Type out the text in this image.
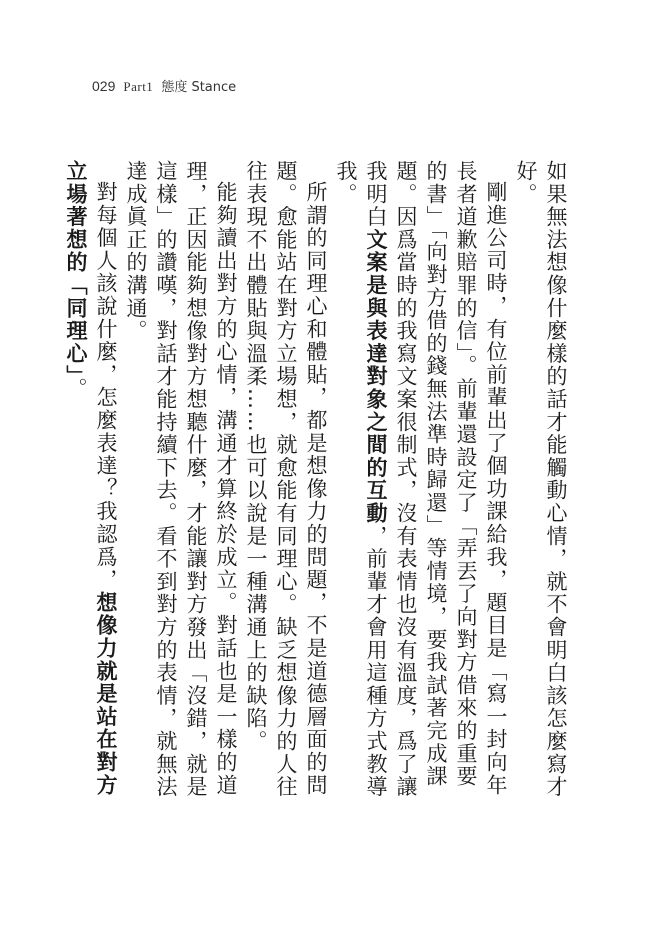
029 Part1 態度 Stance

如果無法想像什麼樣的話才能觸動心情，就不會明白該怎麼寫才好。

剛進公司時，有位前輩出了個功課給我，題目是「寫一封向年長者道歉賠罪的信」。前輩還設定了「弄丟了向對方借來的重要的書」「向對方借的錢無法準時歸還」等情境，要我試著完成課題。因爲當時的我寫文案很制式，沒有表情也沒有溫度，爲了讓我明白文案是與表達對象之間的互動，前輩才會用這種方式教導我。

所謂的同理心和體貼，都是想像力的問題，不是道德層面的問題。愈能站在對方立場想，就愈能有同理心。缺乏想像力的人往往表現不出體貼與溫柔……也可以說是一種溝通上的缺陷。

能夠讀出對方的心情，溝通才算終於成立。對話也是一樣的道理，正因能夠想像對方想聽什麼，才能讓對方發出「沒錯，就是這樣」的讚嘆，對話才能持續下去。看不到對方的表情，就無法達成眞正的溝通。

對每個人該說什麼，怎麼表達？我認爲，想像力就是站在對方立場著想的「同理心」。
